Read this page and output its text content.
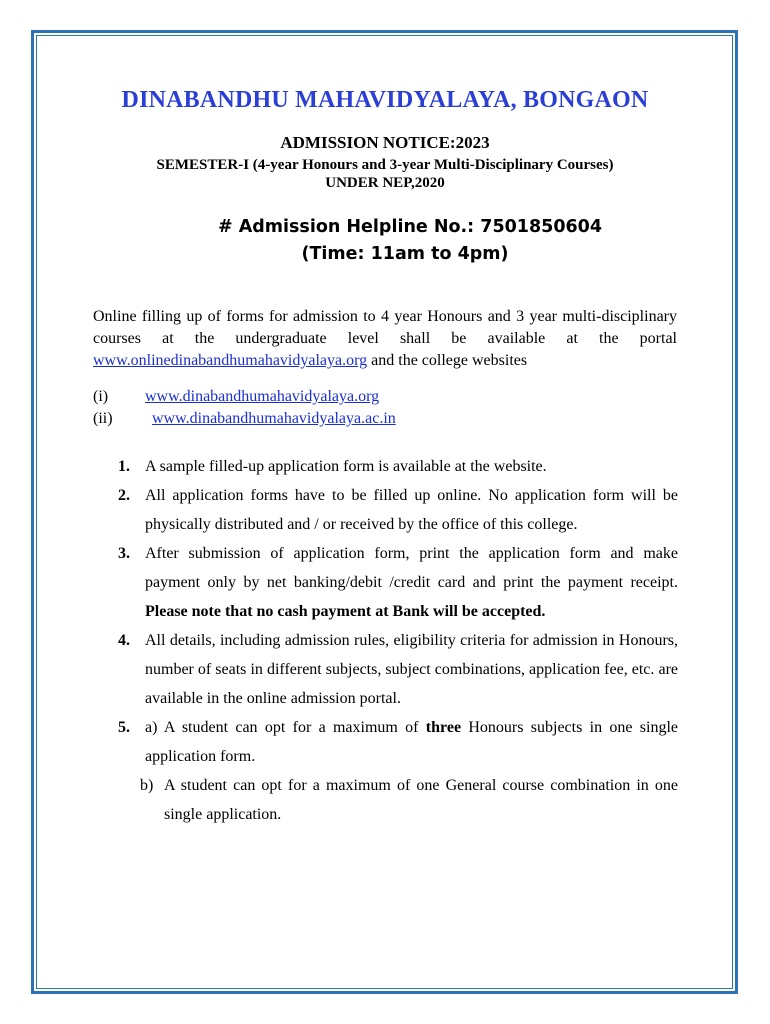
DINABANDHU MAHAVIDYALAYA, BONGAON
ADMISSION NOTICE:2023
SEMESTER-I (4-year Honours and 3-year Multi-Disciplinary Courses)
UNDER NEP,2020
# Admission Helpline No.: 7501850604
(Time: 11am to 4pm)

Online filling up of forms for admission to 4 year Honours and 3 year multi-disciplinary courses at the undergraduate level shall be available at the portal www.onlinedinabandhumahavidyalaya.org and the college websites

(i) www.dinabandhumahavidyalaya.org
(ii) www.dinabandhumahavidyalaya.ac.in
1. A sample filled-up application form is available at the website.

2. All application forms have to be filled up online. No application form will be physically distributed and / or received by the office of this college.

3. After submission of application form, print the application form and make payment only by net banking/debit /credit card and print the payment receipt. Please note that no cash payment at Bank will be accepted.

4. All details, including admission rules, eligibility criteria for admission in Honours, number of seats in different subjects, subject combinations, application fee, etc. are available in the online admission portal.

5. a) A student can opt for a maximum of three Honours subjects in one single application form.

b) A student can opt for a maximum of one General course combination in one single application.
